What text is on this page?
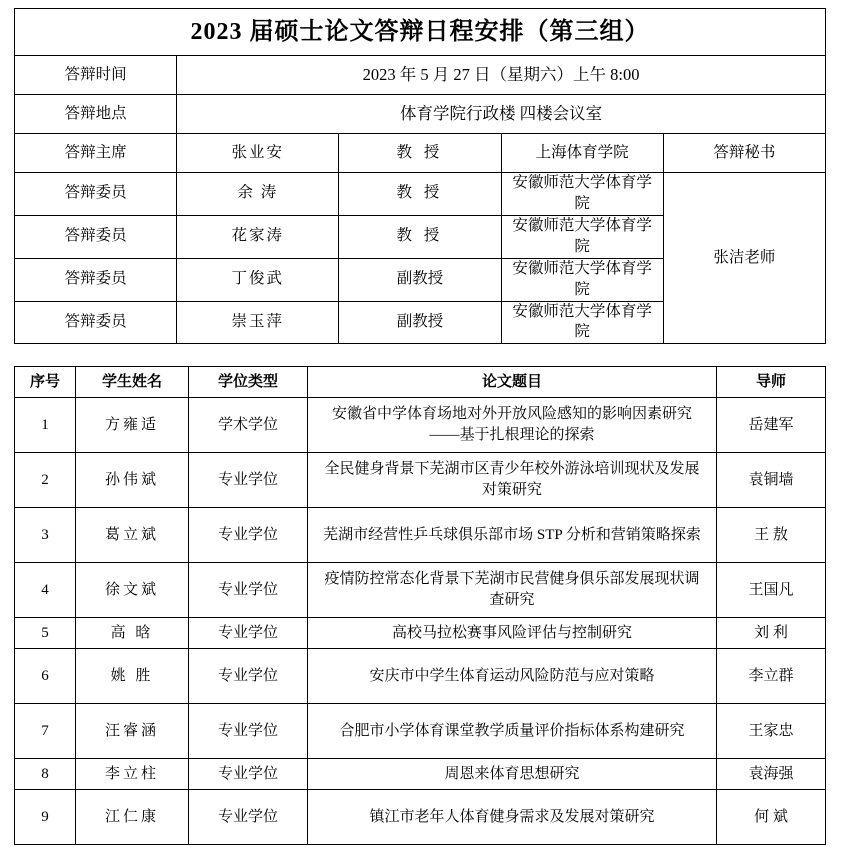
2023 届硕士论文答辩日程安排（第三组）				
答辩时间	2023 年 5 月 27 日（星期六）上午 8:00			
答辩地点	体育学院行政楼 四楼会议室			
答辩主席	张业安	教 授	上海体育学院	答辩秘书
答辩委员	余 涛	教 授	安徽师范大学体育学院	张洁老师
答辩委员	花家涛	教 授	安徽师范大学体育学院	
答辩委员	丁俊武	副教授	安徽师范大学体育学院	
答辩委员	崇玉萍	副教授	安徽师范大学体育学院	
序号	学生姓名	学位类型	论文题目	导师
1	方雍适	学术学位	安徽省中学体育场地对外开放风险感知的影响因素研究——基于扎根理论的探索	岳建军
2	孙伟斌	专业学位	全民健身背景下芜湖市区青少年校外游泳培训现状及发展对策研究	袁铜墙
3	葛立斌	专业学位	芜湖市经营性乒乓球俱乐部市场 STP 分析和营销策略探索	王 敖
4	徐文斌	专业学位	疫情防控常态化背景下芜湖市民营健身俱乐部发展现状调查研究	王国凡
5	高 晗	专业学位	高校马拉松赛事风险评估与控制研究	刘 利
6	姚 胜	专业学位	安庆市中学生体育运动风险防范与应对策略	李立群
7	汪睿涵	专业学位	合肥市小学体育课堂教学质量评价指标体系构建研究	王家忠
8	李立柱	专业学位	周恩来体育思想研究	袁海强
9	江仁康	专业学位	镇江市老年人体育健身需求及发展对策研究	何 斌
